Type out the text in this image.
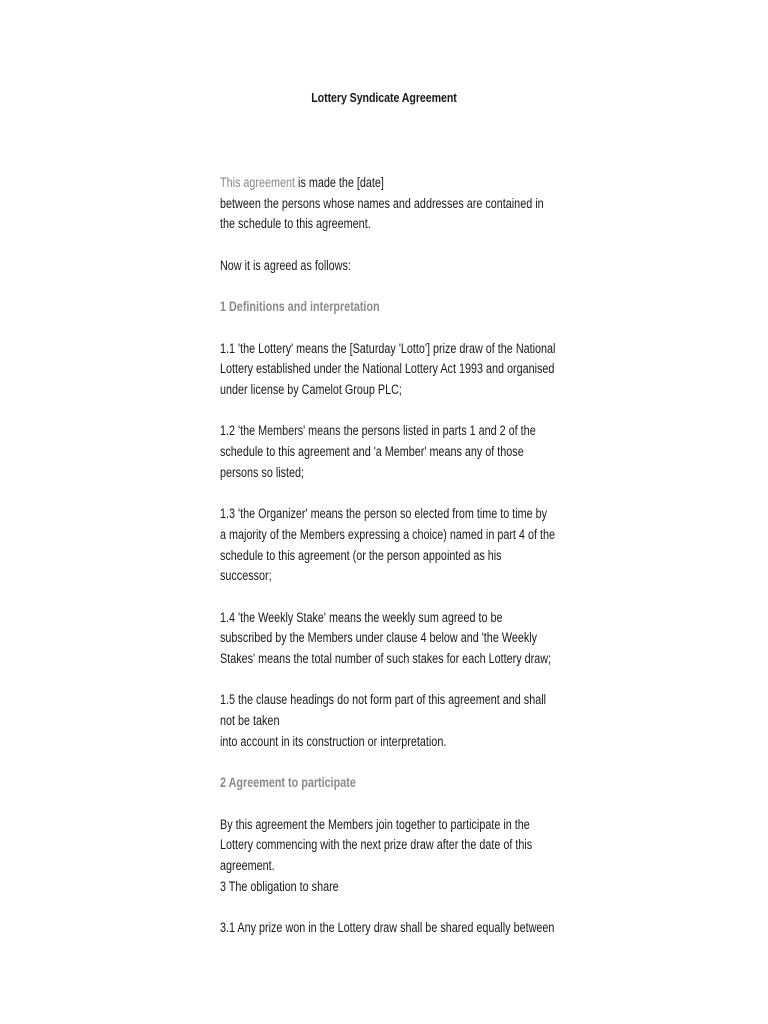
Lottery Syndicate Agreement

This agreement is made the [date]

between the persons whose names and addresses are contained in the schedule to this agreement.

Now it is agreed as follows:

1 Definitions and interpretation

1.1 'the Lottery' means the [Saturday 'Lotto'] prize draw of the National Lottery established under the National Lottery Act 1993 and organised under license by Camelot Group PLC;

1.2 'the Members' means the persons listed in parts 1 and 2 of the schedule to this agreement and 'a Member' means any of those persons so listed;

1.3 'the Organizer' means the person so elected from time to time by a majority of the Members expressing a choice) named in part 4 of the schedule to this agreement (or the person appointed as his successor;

1.4 'the Weekly Stake' means the weekly sum agreed to be subscribed by the Members under clause 4 below and 'the Weekly Stakes' means the total number of such stakes for each Lottery draw;

1.5 the clause headings do not form part of this agreement and shall not be taken

into account in its construction or interpretation.

2 Agreement to participate

By this agreement the Members join together to participate in the Lottery commencing with the next prize draw after the date of this agreement.

3 The obligation to share

3.1 Any prize won in the Lottery draw shall be shared equally between
